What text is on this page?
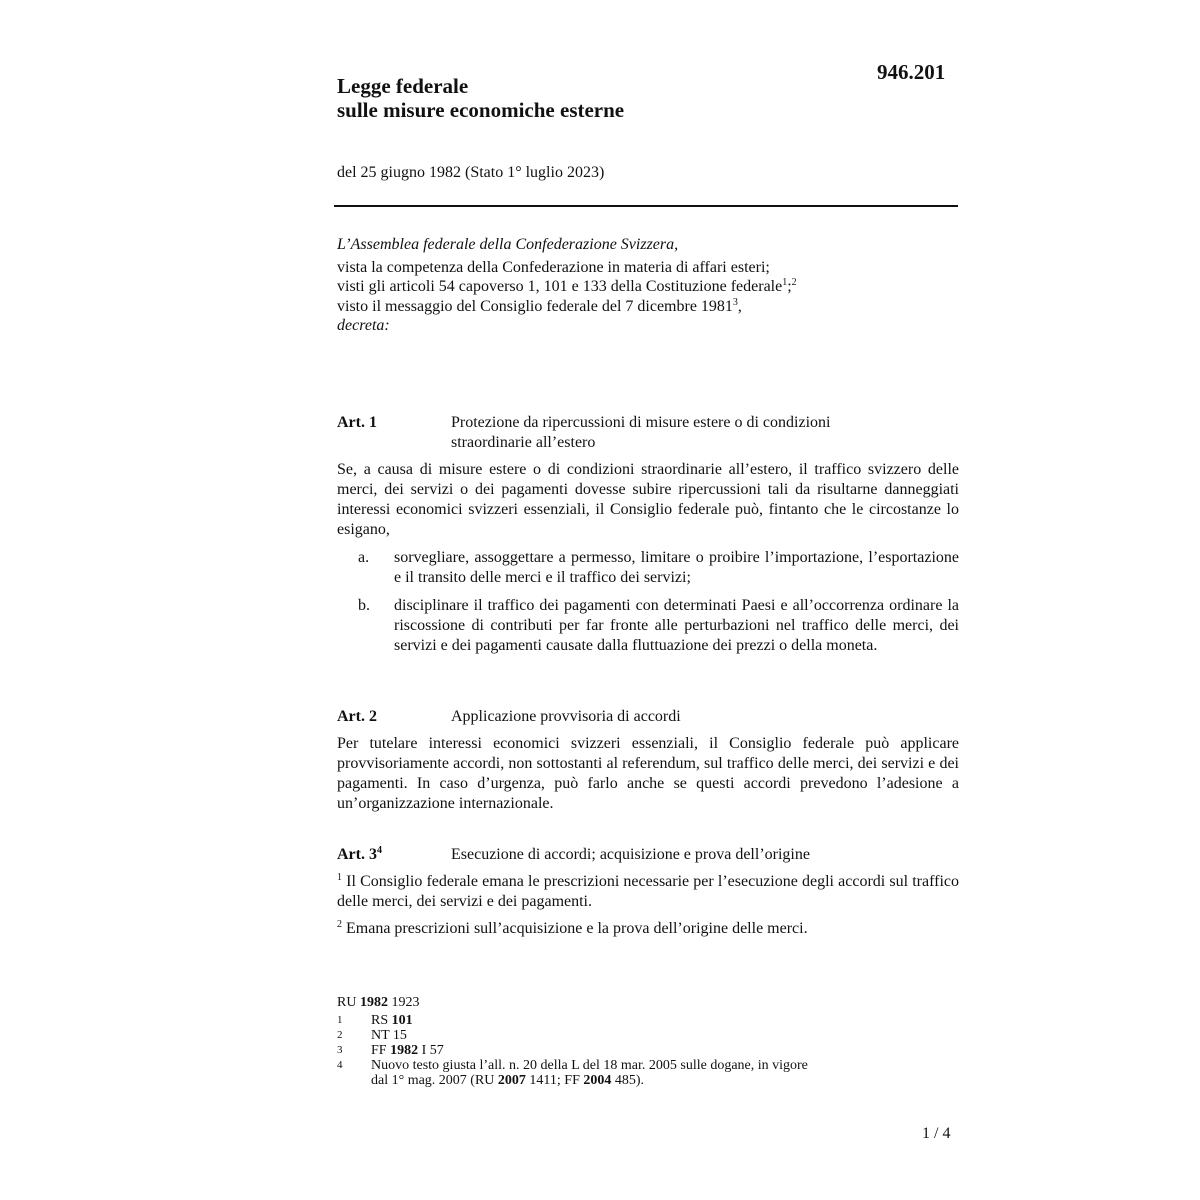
946.201
Legge federale
sulle misure economiche esterne
del 25 giugno 1982 (Stato 1° luglio 2023)
L’Assemblea federale della Confederazione Svizzera,
vista la competenza della Confederazione in materia di affari esteri;
visti gli articoli 54 capoverso 1, 101 e 133 della Costituzione federale$^1$;$^2$
visto il messaggio del Consiglio federale del 7 dicembre 1981$^3$,
decreta:
Art. 1	Protezione da ripercussioni di misure estere o di condizioni
straordinarie all’estero
Se, a causa di misure estere o di condizioni straordinarie all’estero, il traffico svizzero delle merci, dei servizi o dei pagamenti dovesse subire ripercussioni tali da risultarne danneggiati interessi economici svizzeri essenziali, il Consiglio federale può, fintanto che le circostanze lo esigano,
a. sorvegliare, assoggettare a permesso, limitare o proibire l’importazione, l’esportazione e il transito delle merci e il traffico dei servizi;
b. disciplinare il traffico dei pagamenti con determinati Paesi e all’occorrenza ordinare la riscossione di contributi per far fronte alle perturbazioni nel traffico delle merci, dei servizi e dei pagamenti causate dalla fluttuazione dei prezzi o della moneta.
Art. 2	Applicazione provvisoria di accordi
Per tutelare interessi economici svizzeri essenziali, il Consiglio federale può applicare provvisoriamente accordi, non sottostanti al referendum, sul traffico delle merci, dei servizi e dei pagamenti. In caso d’urgenza, può farlo anche se questi accordi prevedono l’adesione a un’organizzazione internazionale.
Art. $3^4$	Esecuzione di accordi; acquisizione e prova dell’origine
$^1$ Il Consiglio federale emana le prescrizioni necessarie per l’esecuzione degli accordi sul traffico delle merci, dei servizi e dei pagamenti.
$^2$ Emana prescrizioni sull’acquisizione e la prova dell’origine delle merci.
RU 1982 1923
1 RS 101
2 NT 15
3 FF 1982 I 57
4 Nuovo testo giusta l’all. n. 20 della L del 18 mar. 2005 sulle dogane, in vigore
dal 1° mag. 2007 (RU 2007 1411; FF 2004 485).
1 / 4
